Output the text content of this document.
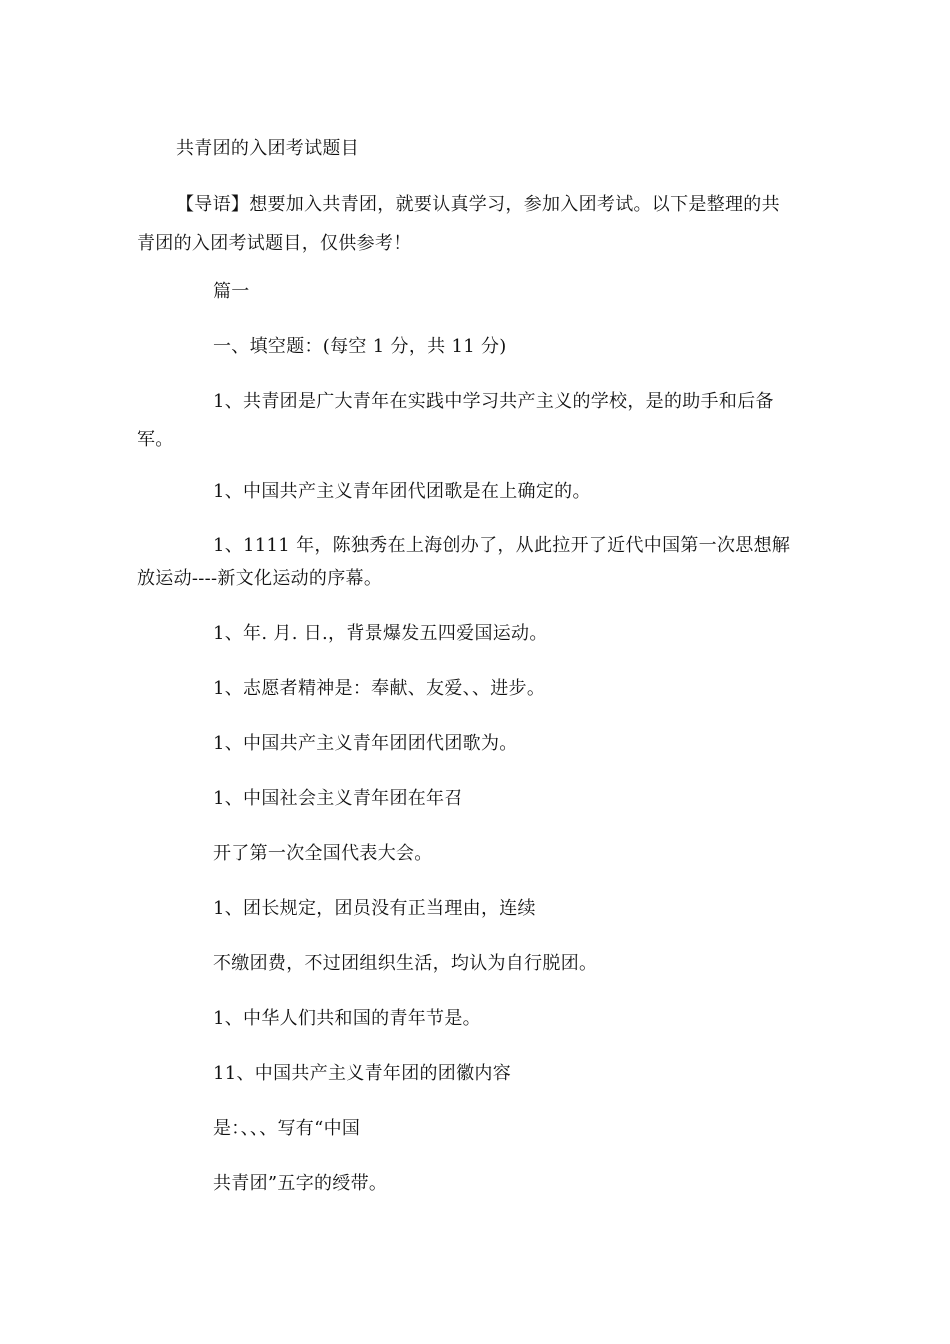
共青团的入团考试题目
【导语】想要加入共青团，就要认真学习，参加入团考试。以下是整理的共
青团的入团考试题目，仅供参考！
篇一
一、填空题：(每空 1 分，共 11 分)
1、共青团是广大青年在实践中学习共产主义的学校，是的助手和后备
军。
1、中国共产主义青年团代团歌是在上确定的。
1、1111 年，陈独秀在上海创办了，从此拉开了近代中国第一次思想解
放运动----新文化运动的序幕。
1、年. 月. 日.，背景爆发五四爱国运动。
1、志愿者精神是：奉献、友爱、、进步。
1、中国共产主义青年团团代团歌为。
1、中国社会主义青年团在年召
开了第一次全国代表大会。
1、团长规定，团员没有正当理由，连续
不缴团费，不过团组织生活，均认为自行脱团。
1、中华人们共和国的青年节是。
11、中国共产主义青年团的团徽内容
是：、、、写有“中国
共青团”五字的绶带。
